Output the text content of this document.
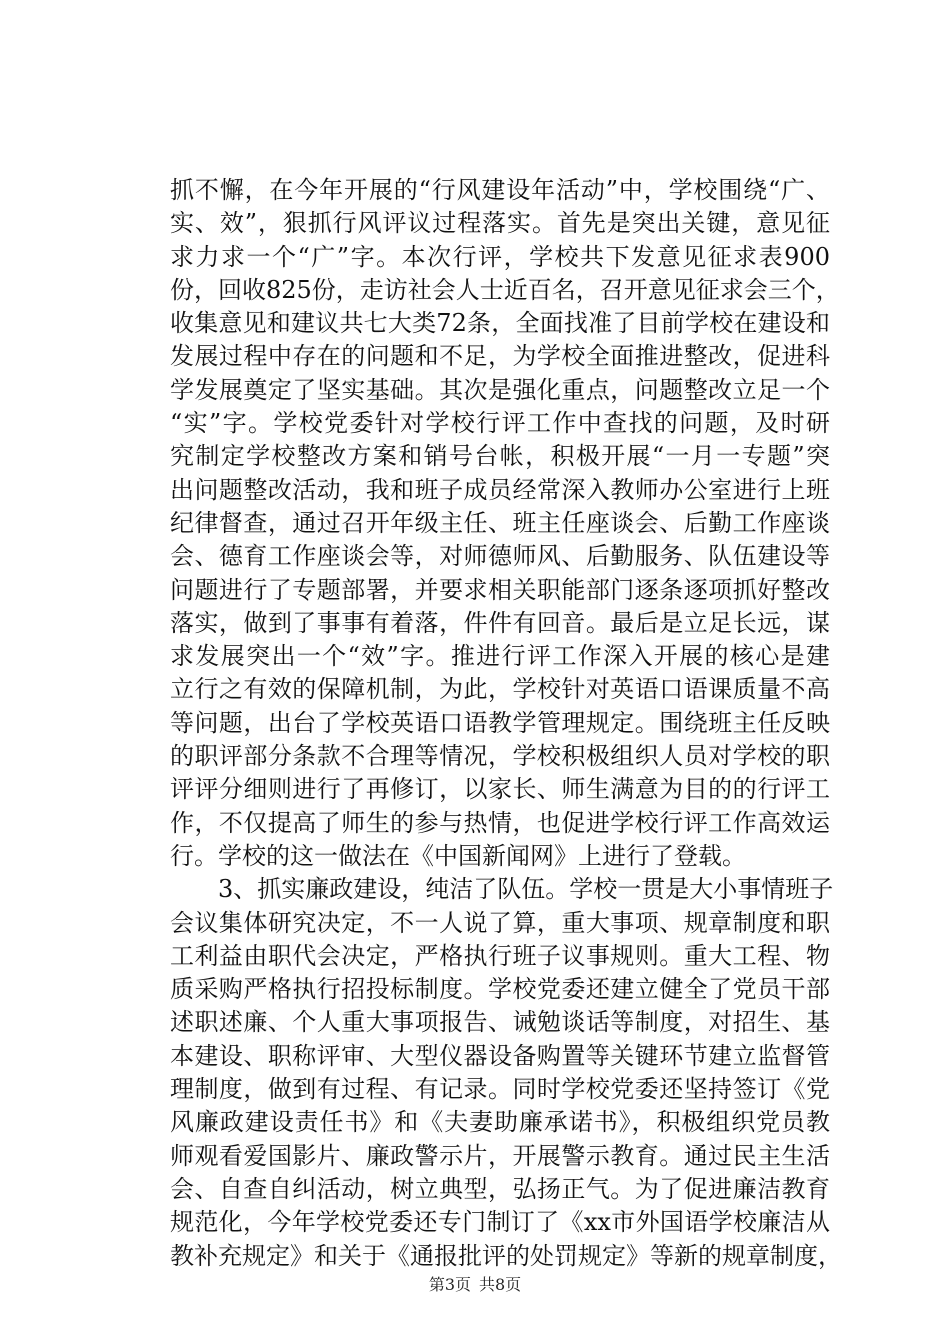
抓不懈，在今年开展的“行风建设年活动”中，学校围绕“广、
实、效”，狠抓行风评议过程落实。首先是突出关键，意见征
求力求一个“广”字。本次行评，学校共下发意见征求表900
份，回收825份，走访社会人士近百名，召开意见征求会三个，
收集意见和建议共七大类72条，全面找准了目前学校在建设和
发展过程中存在的问题和不足，为学校全面推进整改，促进科
学发展奠定了坚实基础。其次是强化重点，问题整改立足一个
“实”字。学校党委针对学校行评工作中查找的问题，及时研
究制定学校整改方案和销号台帐，积极开展“一月一专题”突
出问题整改活动，我和班子成员经常深入教师办公室进行上班
纪律督查，通过召开年级主任、班主任座谈会、后勤工作座谈
会、德育工作座谈会等，对师德师风、后勤服务、队伍建设等
问题进行了专题部署，并要求相关职能部门逐条逐项抓好整改
落实，做到了事事有着落，件件有回音。最后是立足长远，谋
求发展突出一个“效”字。推进行评工作深入开展的核心是建
立行之有效的保障机制，为此，学校针对英语口语课质量不高
等问题，出台了学校英语口语教学管理规定。围绕班主任反映
的职评部分条款不合理等情况，学校积极组织人员对学校的职
评评分细则进行了再修订，以家长、师生满意为目的的行评工
作，不仅提高了师生的参与热情，也促进学校行评工作高效运
行。学校的这一做法在《中国新闻网》上进行了登载。
　　3、抓实廉政建设，纯洁了队伍。学校一贯是大小事情班子
会议集体研究决定，不一人说了算，重大事项、规章制度和职
工利益由职代会决定，严格执行班子议事规则。重大工程、物
质采购严格执行招投标制度。学校党委还建立健全了党员干部
述职述廉、个人重大事项报告、诫勉谈话等制度，对招生、基
本建设、职称评审、大型仪器设备购置等关键环节建立监督管
理制度，做到有过程、有记录。同时学校党委还坚持签订《党
风廉政建设责任书》和《夫妻助廉承诺书》，积极组织党员教
师观看爱国影片、廉政警示片，开展警示教育。通过民主生活
会、自查自纠活动，树立典型，弘扬正气。为了促进廉洁教育
规范化，今年学校党委还专门制订了《xx市外国语学校廉洁从
教补充规定》和关于《通报批评的处罚规定》等新的规章制度，
第3页 共8页
